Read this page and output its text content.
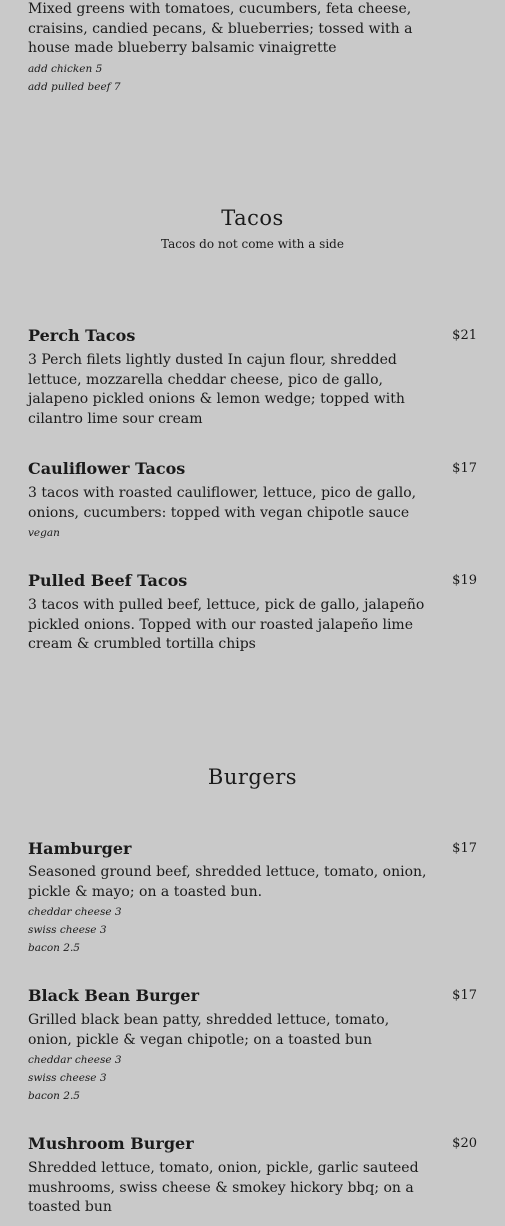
Mixed greens with tomatoes, cucumbers, feta cheese, craisins, candied pecans, & blueberries; tossed with a house made blueberry balsamic vinaigrette
add chicken 5
add pulled beef 7
Tacos
Tacos do not come with a side
Perch Tacos	$21
3 Perch filets lightly dusted In cajun flour, shredded lettuce, mozzarella cheddar cheese, pico de gallo, jalapeno pickled onions & lemon wedge; topped with cilantro lime sour cream
Cauliflower Tacos	$17
3 tacos with roasted cauliflower, lettuce, pico de gallo, onions, cucumbers: topped with vegan chipotle sauce
vegan
Pulled Beef Tacos	$19
3 tacos with pulled beef, lettuce, pick de gallo, jalapeño pickled onions. Topped with our roasted jalapeño lime cream & crumbled tortilla chips
Burgers
Hamburger	$17
Seasoned ground beef, shredded lettuce, tomato, onion, pickle & mayo; on a toasted bun.
cheddar cheese 3
swiss cheese 3
bacon 2.5
Black Bean Burger	$17
Grilled black bean patty, shredded lettuce, tomato, onion, pickle & vegan chipotle; on a toasted bun
cheddar cheese 3
swiss cheese 3
bacon 2.5
Mushroom Burger	$20
Shredded lettuce, tomato, onion, pickle, garlic sauteed mushrooms, swiss cheese & smokey hickory bbq; on a toasted bun
